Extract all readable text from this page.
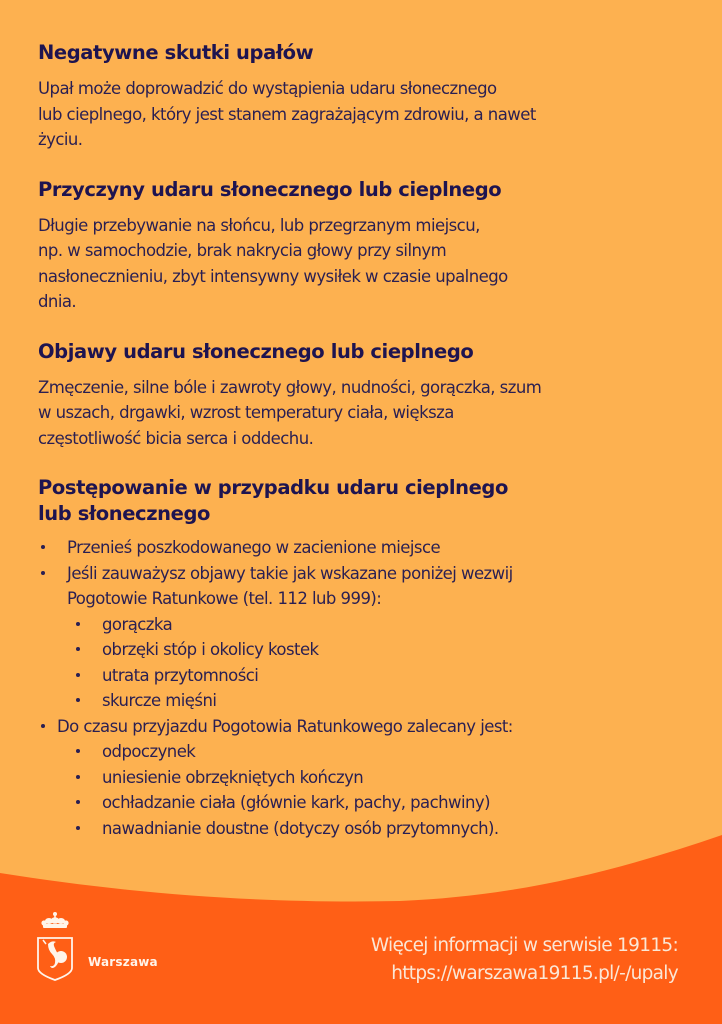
Negatywne skutki upałów

Upał może doprowadzić do wystąpienia udaru słonecznego
lub cieplnego, który jest stanem zagrażającym zdrowiu, a nawet
życiu.

Przyczyny udaru słonecznego lub cieplnego

Długie przebywanie na słońcu, lub przegrzanym miejscu,
np. w samochodzie, brak nakrycia głowy przy silnym
nasłonecznieniu, zbyt intensywny wysiłek w czasie upalnego
dnia.

Objawy udaru słonecznego lub cieplnego

Zmęczenie, silne bóle i zawroty głowy, nudności, gorączka, szum
w uszach, drgawki, wzrost temperatury ciała, większa
częstotliwość bicia serca i oddechu.

Postępowanie w przypadku udaru cieplnego
lub słonecznego
Przenieś poszkodowanego w zacienione miejsce
Jeśli zauważysz objawy takie jak wskazane poniżej wezwij
Pogotowie Ratunkowe (tel. 112 lub 999):
gorączka
obrzęki stóp i okolicy kostek
utrata przytomności
skurcze mięśni
Do czasu przyjazdu Pogotowia Ratunkowego zalecany jest:
odpoczynek
uniesienie obrzękniętych kończyn
ochładzanie ciała (głównie kark, pachy, pachwiny)
nawadnianie doustne (dotyczy osób przytomnych).
Warszawa
Więcej informacji w serwisie 19115:
https://warszawa19115.pl/-/upaly
